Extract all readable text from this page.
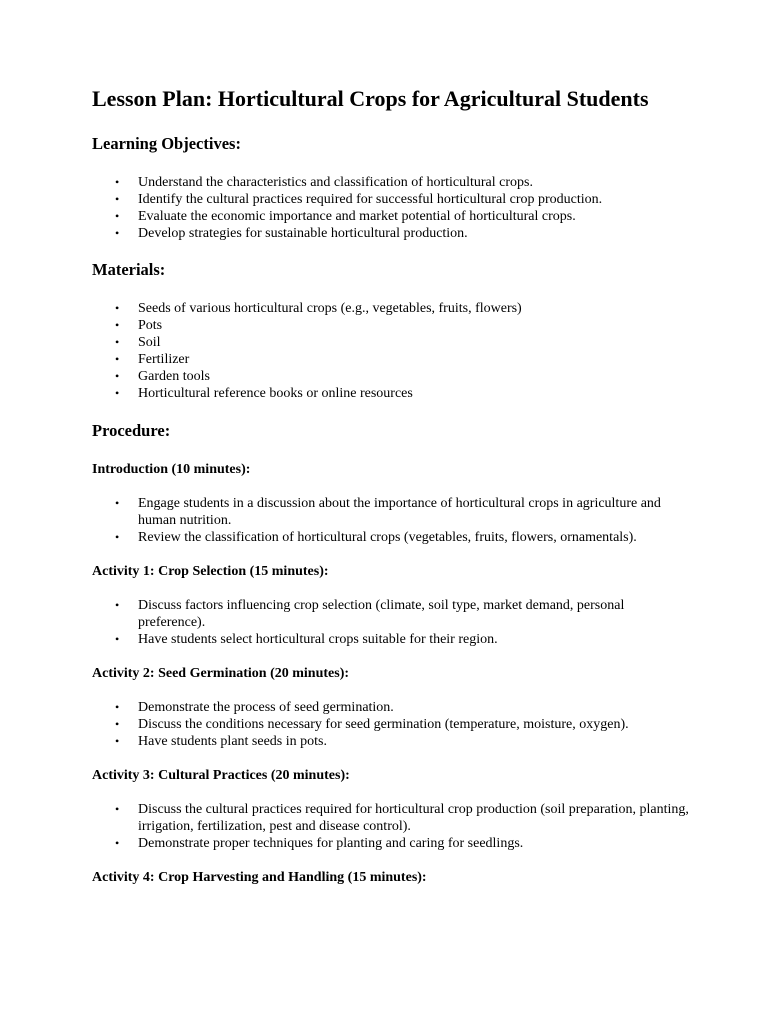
Lesson Plan: Horticultural Crops for Agricultural Students
Learning Objectives:
• Understand the characteristics and classification of horticultural crops.
• Identify the cultural practices required for successful horticultural crop production.
• Evaluate the economic importance and market potential of horticultural crops.
• Develop strategies for sustainable horticultural production.
Materials:
• Seeds of various horticultural crops (e.g., vegetables, fruits, flowers)
• Pots
• Soil
• Fertilizer
• Garden tools
• Horticultural reference books or online resources
Procedure:
Introduction (10 minutes):
• Engage students in a discussion about the importance of horticultural crops in agriculture and human nutrition.
• Review the classification of horticultural crops (vegetables, fruits, flowers, ornamentals).
Activity 1: Crop Selection (15 minutes):
• Discuss factors influencing crop selection (climate, soil type, market demand, personal preference).
• Have students select horticultural crops suitable for their region.
Activity 2: Seed Germination (20 minutes):
• Demonstrate the process of seed germination.
• Discuss the conditions necessary for seed germination (temperature, moisture, oxygen).
• Have students plant seeds in pots.
Activity 3: Cultural Practices (20 minutes):
• Discuss the cultural practices required for horticultural crop production (soil preparation, planting, irrigation, fertilization, pest and disease control).
• Demonstrate proper techniques for planting and caring for seedlings.
Activity 4: Crop Harvesting and Handling (15 minutes):
